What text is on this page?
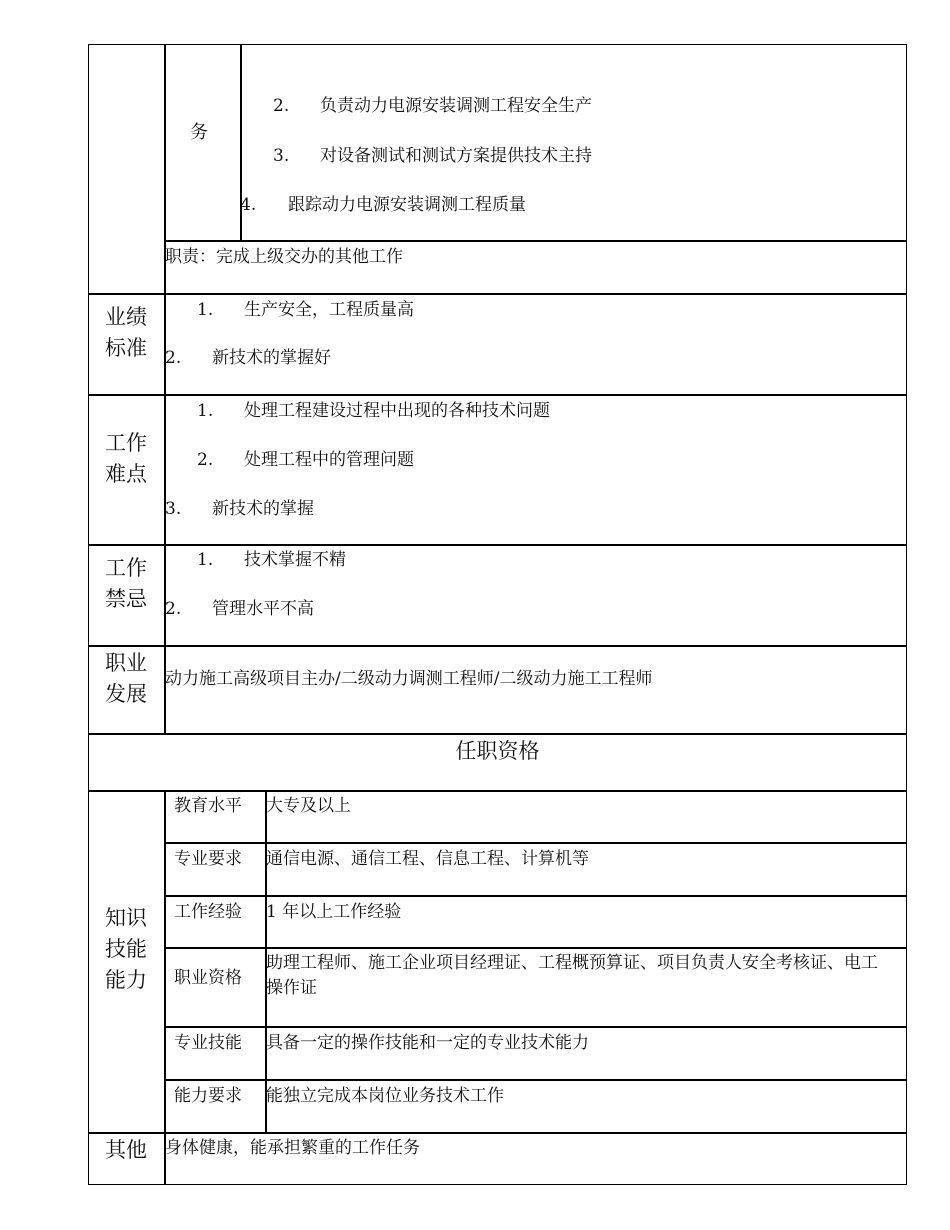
务
2. 负责动力电源安装调测工程安全生产
3. 对设备测试和测试方案提供技术主持
4. 跟踪动力电源安装调测工程质量
职责：完成上级交办的其他工作
业绩
标准
1. 生产安全，工程质量高
2. 新技术的掌握好
工作
难点
1. 处理工程建设过程中出现的各种技术问题
2. 处理工程中的管理问题
3. 新技术的掌握
工作
禁忌
1. 技术掌握不精
2. 管理水平不高
职业
发展
动力施工高级项目主办/二级动力调测工程师/二级动力施工工程师
任职资格
知识
技能
能力
教育水平 大专及以上
专业要求 通信电源、通信工程、信息工程、计算机等
工作经验 1 年以上工作经验
职业资格
助理工程师、施工企业项目经理证、工程概预算证、项目负责人安全考核证、电工操作证
专业技能 具备一定的操作技能和一定的专业技术能力
能力要求 能独立完成本岗位业务技术工作
其他	身体健康，能承担繁重的工作任务
